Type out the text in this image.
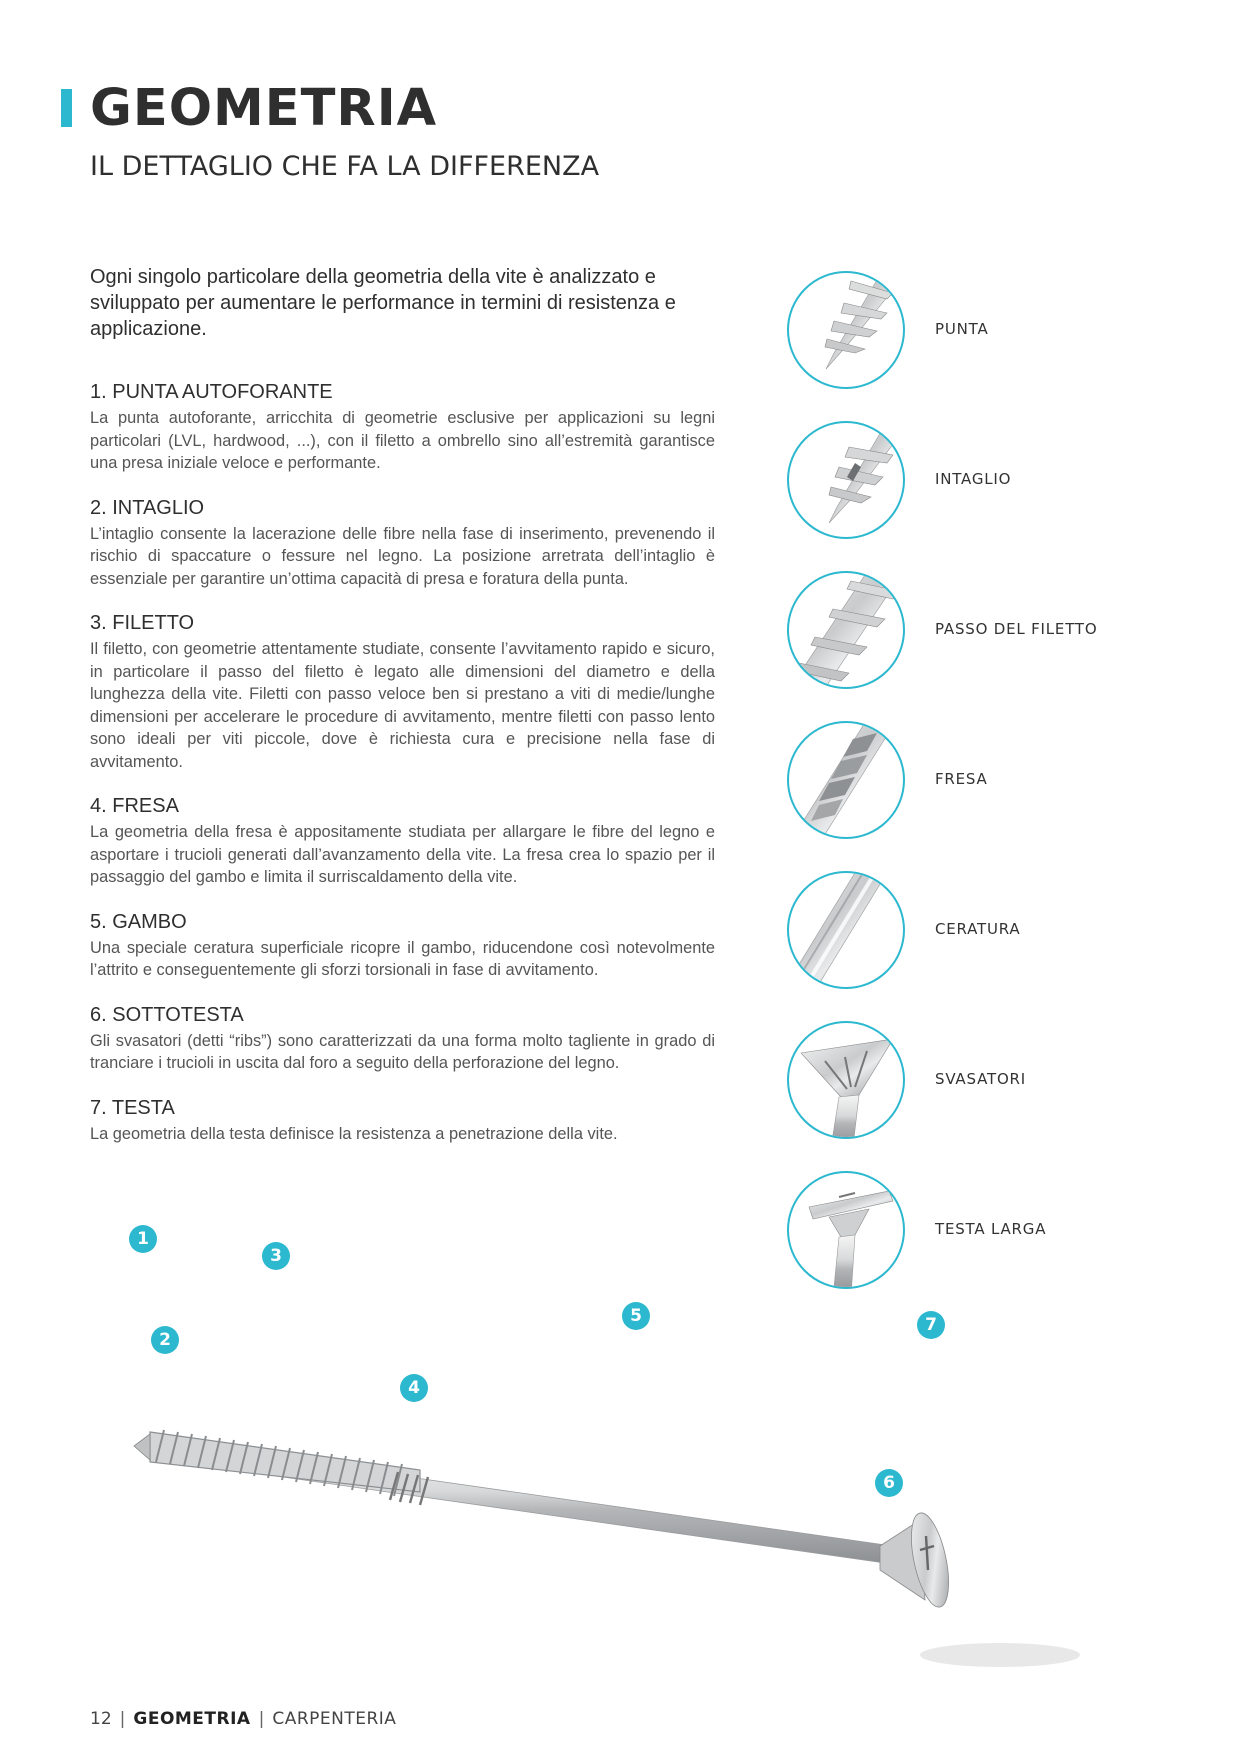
GEOMETRIA
IL DETTAGLIO CHE FA LA DIFFERENZA

Ogni singolo particolare della geometria della vite è analizzato e sviluppato per aumentare le performance in termini di resistenza e applicazione.

1. PUNTA AUTOFORANTE

La punta autoforante, arricchita di geometrie esclusive per applicazioni su legni particolari (LVL, hardwood, ...), con il filetto a ombrello sino all’estremità garantisce una presa iniziale veloce e performante.

2. INTAGLIO

L’intaglio consente la lacerazione delle fibre nella fase di inserimento, prevenendo il rischio di spaccature o fessure nel legno. La posizione arretrata dell’intaglio è essenziale per garantire un’ottima capacità di presa e foratura della punta.

3. FILETTO

Il filetto, con geometrie attentamente studiate, consente l’avvitamento rapido e sicuro, in particolare il passo del filetto è legato alle dimensioni del diametro e della lunghezza della vite. Filetti con passo veloce ben si prestano a viti di medie/lunghe dimensioni per accelerare le procedure di avvitamento, mentre filetti con passo lento sono ideali per viti piccole, dove è richiesta cura e precisione nella fase di avvitamento.

4. FRESA

La geometria della fresa è appositamente studiata per allargare le fibre del legno e asportare i trucioli generati dall’avanzamento della vite. La fresa crea lo spazio per il passaggio del gambo e limita il surriscaldamento della vite.

5. GAMBO

Una speciale ceratura superficiale ricopre il gambo, riducendone così notevolmente l’attrito e conseguentemente gli sforzi torsionali in fase di avvitamento.

6. SOTTOTESTA

Gli svasatori (detti “ribs”) sono caratterizzati da una forma molto tagliente in grado di tranciare i trucioli in uscita dal foro a seguito della perforazione del legno.

7. TESTA

La geometria della testa definisce la resistenza a penetrazione della vite.

PUNTA
INTAGLIO
PASSO DEL FILETTO
FRESA
CERATURA
SVASATORI
TESTA LARGA
1
3
2
4
5
6
7
12 | GEOMETRIA | CARPENTERIA
